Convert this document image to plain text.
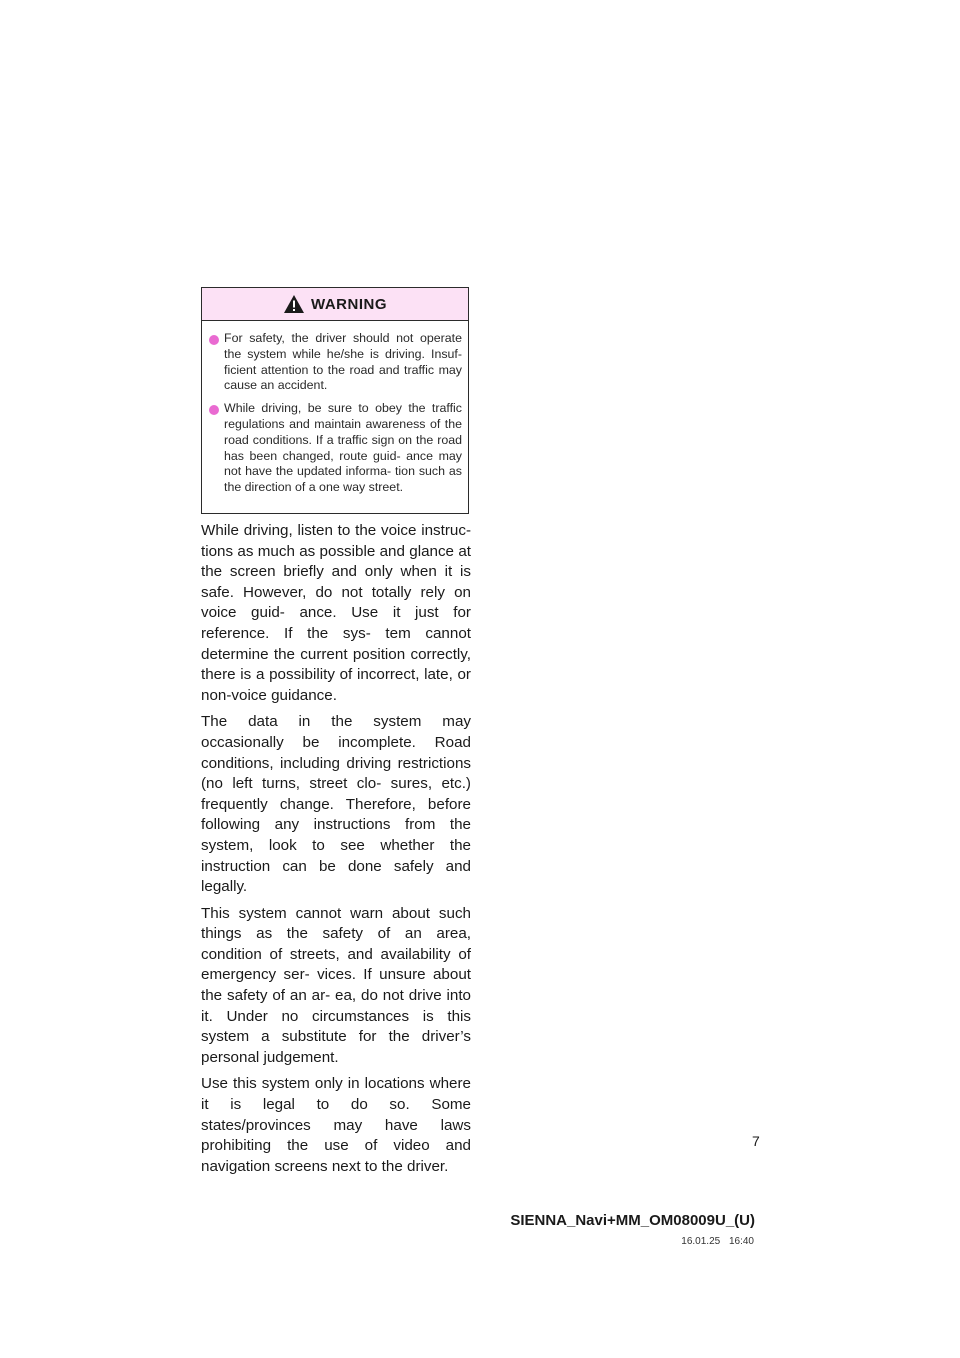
WARNING
For safety, the driver should not operate the system while he/she is driving. Insuf- ficient attention to the road and traffic may cause an accident.
While driving, be sure to obey the traffic regulations and maintain awareness of the road conditions. If a traffic sign on the road has been changed, route guid- ance may not have the updated informa- tion such as the direction of a one way street.

While driving, listen to the voice instruc- tions as much as possible and glance at the screen briefly and only when it is safe. However, do not totally rely on voice guid- ance. Use it just for reference. If the sys- tem cannot determine the current position correctly, there is a possibility of incorrect, late, or non-voice guidance.

The data in the system may occasionally be incomplete. Road conditions, including driving restrictions (no left turns, street clo- sures, etc.) frequently change. Therefore, before following any instructions from the system, look to see whether the instruction can be done safely and legally.

This system cannot warn about such things as the safety of an area, condition of streets, and availability of emergency ser- vices. If unsure about the safety of an ar- ea, do not drive into it. Under no circumstances is this system a substitute for the driver’s personal judgement.

Use this system only in locations where it is legal to do so. Some states/provinces may have laws prohibiting the use of video and navigation screens next to the driver.

7
SIENNA_Navi+MM_OM08009U_(U)
16.01.25 16:40
